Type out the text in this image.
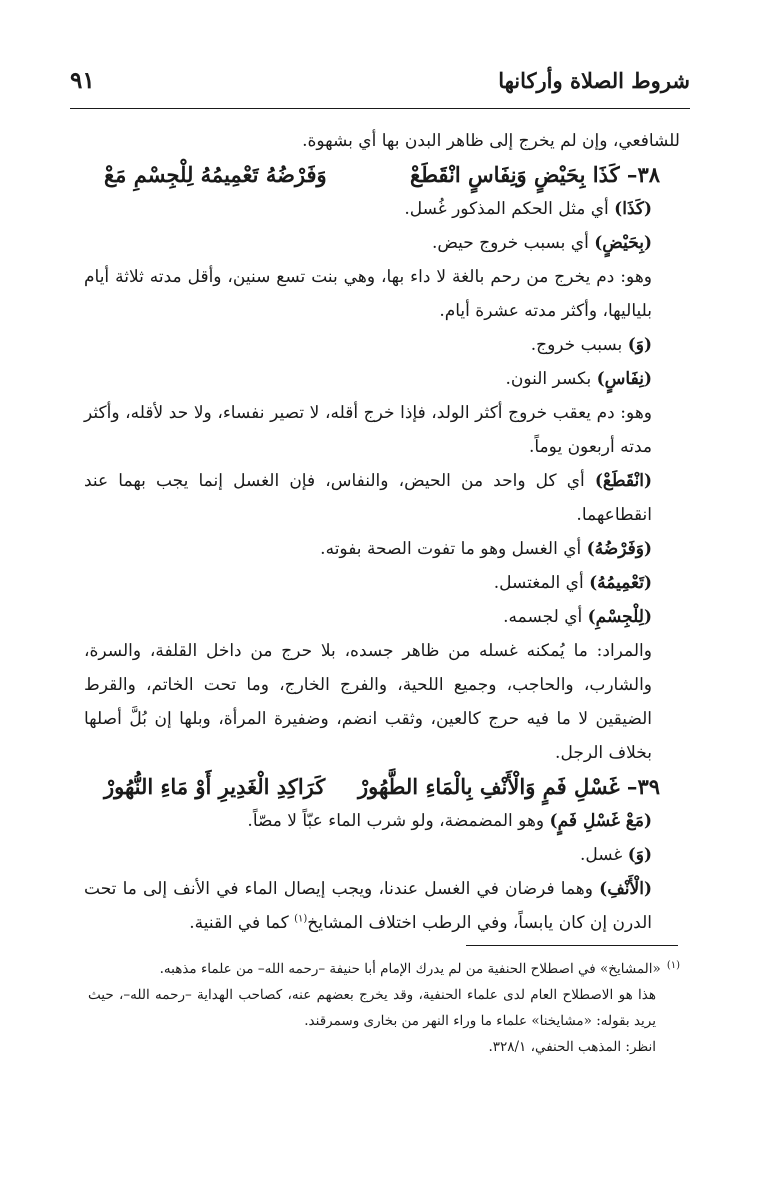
٩١	شروط الصلاة وأركانها

للشافعي، وإن لم يخرج إلى ظاهر البدن بها أي بشهوة.

٣٨– كَذَا بِحَيْضٍ وَنِفَاسٍ انْقَطَعْ
وَفَرْضُهُ تَعْمِيمُهُ لِلْجِسْمِ مَعْ

(كَذَا) أي مثل الحكم المذكور غُسل.

(بِحَيْضٍ) أي بسبب خروج حيض.

وهو: دم يخرج من رحم بالغة لا داء بها، وهي بنت تسع سنين، وأقل مدته ثلاثة أيام بلياليها، وأكثر مدته عشرة أيام.

(وَ) بسبب خروج.

(نِفَاسٍ) بكسر النون.

وهو: دم يعقب خروج أكثر الولد، فإذا خرج أقله، لا تصير نفساء، ولا حد لأقله، وأكثر مدته أربعون يوماً.

(انْقَطَعْ) أي كل واحد من الحيض، والنفاس، فإن الغسل إنما يجب بهما عند انقطاعهما.

(وَفَرْضُهُ) أي الغسل وهو ما تفوت الصحة بفوته.

(تَعْمِيمُهُ) أي المغتسل.

(لِلْجِسْمِ) أي لجسمه.

والمراد: ما يُمكنه غسله من ظاهر جسده، بلا حرج من داخل القلفة، والسرة، والشارب، والحاجب، وجميع اللحية، والفرج الخارج، وما تحت الخاتم، والقرط الضيقين لا ما فيه حرج كالعين، وثقب انضم، وضفيرة المرأة، وبلها إن بُلَّ أصلها بخلاف الرجل.

٣٩– غَسْلِ فَمٍ وَالْأَنْفِ بِالْمَاءِ الطَّهُورْ
كَرَاكِدِ الْغَدِيرِ أَوْ مَاءِ النُّهُورْ

(مَعْ غَسْلِ فَمٍ) وهو المضمضة، ولو شرب الماء عبّاً لا مصّاً.

(وَ) غسل.

(الْأَنْفِ) وهما فرضان في الغسل عندنا، ويجب إيصال الماء في الأنف إلى ما تحت الدرن إن كان يابساً، وفي الرطب اختلاف المشايخ$^{(١)}$ كما في القنية.

$^{(١)}$«المشايخ» في اصطلاح الحنفية من لم يدرك الإمام أبا حنيفة –رحمه الله– من علماء مذهبه.

هذا هو الاصطلاح العام لدى علماء الحنفية، وقد يخرج بعضهم عنه، كصاحب الهداية –رحمه الله–، حيث يريد بقوله: «مشايخنا» علماء ما وراء النهر من بخارى وسمرقند.

انظر: المذهب الحنفي، ٣٢٨/١.
